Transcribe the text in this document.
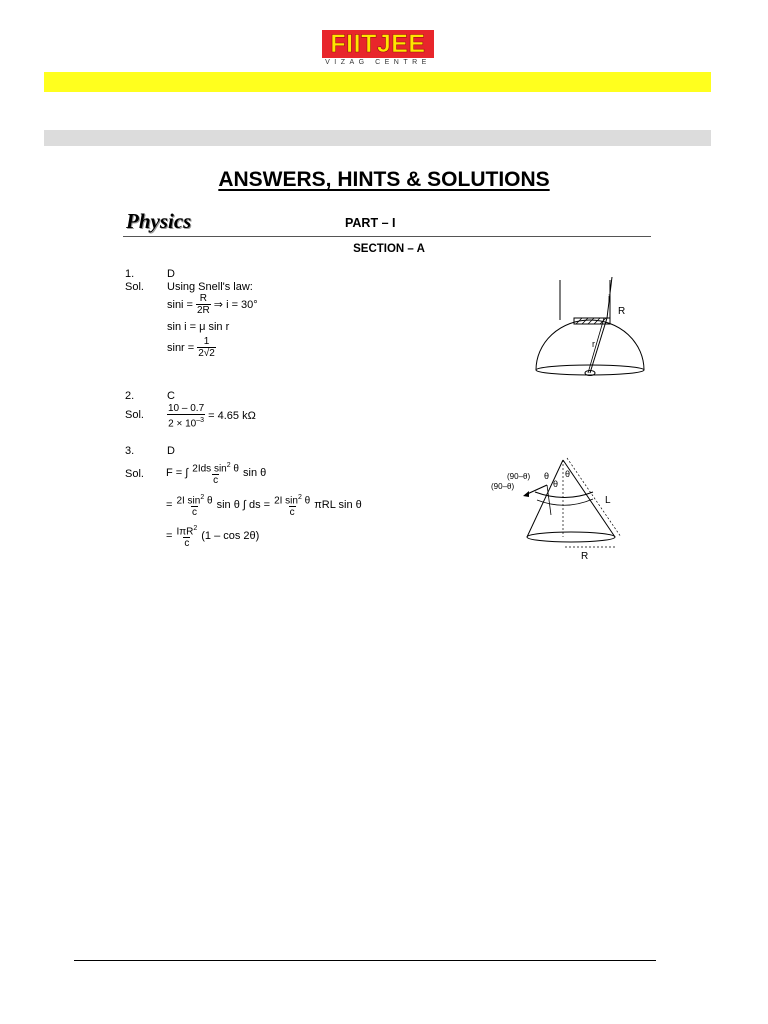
FIITJEE
VIZAG CENTRE
ANSWERS, HINTS & SOLUTIONS
Physics	PART – I
SECTION – A
1.	D
Sol. Using Snell's law:
$\sin i = \frac{R}{2R}$ ⇒ i = 30°
sin i = μ sin r
$\sin r = \frac{1}{2√2}$
i
R
r
2.	C
Sol. $\frac{10 - 0.7}{2 \times 10^{-3}} = 4.65$ kΩ
3.	D
Sol. F = ∫ $\frac{2Ids \sin^2 \theta}{c}$ sin θ
= $\frac{2I \sin^2 \theta}{c}$ sin θ ∫ ds = $\frac{2I \sin^2 \theta}{c}$ πRL sin θ
= $\frac{I\pi R^2}{c} (1$ – cos 2θ)
(90–θ)
(90–θ)
θ θ
θ
L
R
